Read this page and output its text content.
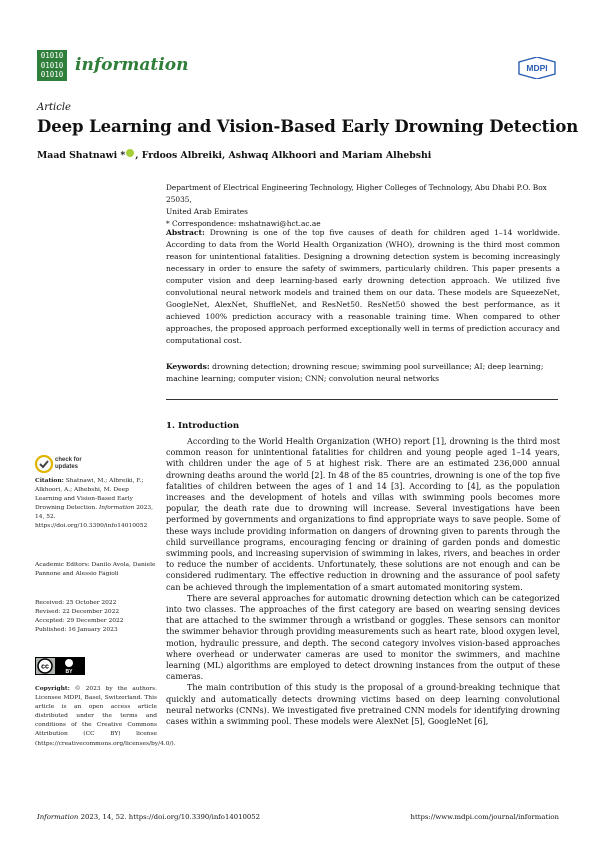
01010
01010
01010 information	MDPI
Article
Deep Learning and Vision-Based Early Drowning Detection
Maad Shatnawi * , Frdoos Albreiki, Ashwaq Alkhoori and Mariam Alhebshi
Department of Electrical Engineering Technology, Higher Colleges of Technology, Abu Dhabi P.O. Box 25035,
United Arab Emirates
* Correspondence: mshatnawi@hct.ac.ae
Abstract: Drowning is one of the top five causes of death for children aged 1–14 worldwide. According to data from the World Health Organization (WHO), drowning is the third most common reason for unintentional fatalities. Designing a drowning detection system is becoming increasingly necessary in order to ensure the safety of swimmers, particularly children. This paper presents a computer vision and deep learning-based early drowning detection approach. We utilized five convolutional neural network models and trained them on our data. These models are SqueezeNet, GoogleNet, AlexNet, ShuffleNet, and ResNet50. ResNet50 showed the best performance, as it achieved 100% prediction accuracy with a reasonable training time. When compared to other approaches, the proposed approach performed exceptionally well in terms of prediction accuracy and computational cost.
Keywords: drowning detection; drowning rescue; swimming pool surveillance; AI; deep learning; machine learning; computer vision; CNN; convolution neural networks
1. Introduction

According to the World Health Organization (WHO) report [1], drowning is the third most common reason for unintentional fatalities for children and young people aged 1–14 years, with children under the age of 5 at highest risk. There are an estimated 236,000 annual drowning deaths around the world [2]. In 48 of the 85 countries, drowning is one of the top five fatalities of children between the ages of 1 and 14 [3]. According to [4], as the population increases and the development of hotels and villas with swimming pools becomes more popular, the death rate due to drowning will increase. Several investigations have been performed by governments and organizations to find appropriate ways to save people. Some of these ways include providing information on dangers of drowning given to parents through the child surveillance programs, encouraging fencing or draining of garden ponds and domestic swimming pools, and increasing supervision of swimming in lakes, rivers, and beaches in order to reduce the number of accidents. Unfortunately, these solutions are not enough and can be considered rudimentary. The effective reduction in drowning and the assurance of pool safety can be achieved through the implementation of a smart automated monitoring system.

There are several approaches for automatic drowning detection which can be categorized into two classes. The approaches of the first category are based on wearing sensing devices that are attached to the swimmer through a wristband or goggles. These sensors can monitor the swimmer behavior through providing measurements such as heart rate, blood oxygen level, motion, hydraulic pressure, and depth. The second category involves vision-based approaches where overhead or underwater cameras are used to monitor the swimmers, and machine learning (ML) algorithms are employed to detect drowning instances from the output of these cameras.

The main contribution of this study is the proposal of a ground-breaking technique that quickly and automatically detects drowning victims based on deep learning convolutional neural networks (CNNs). We investigated five pretrained CNN models for identifying drowning cases within a swimming pool. These models were AlexNet [5], GoogleNet [6],

check for
updates
Citation: Shatnawi, M.; Albreiki, F.; Alkhoori, A.; Alhebshi, M. Deep Learning and Vision-Based Early Drowning Detection. Information 2023, 14, 52. https://doi.org/10.3390/info14010052
Academic Editors: Danilo Avola, Daniele Pannone and Alessio Fagioli
Received: 25 October 2022
Revised: 22 December 2022
Accepted: 29 December 2022
Published: 16 January 2023
cc
BY
Copyright: © 2023 by the authors. Licensee MDPI, Basel, Switzerland. This article is an open access article distributed under the terms and conditions of the Creative Commons Attribution (CC BY) license (https://creativecommons.org/licenses/by/4.0/).
Information 2023, 14, 52. https://doi.org/10.3390/info14010052	https://www.mdpi.com/journal/information
